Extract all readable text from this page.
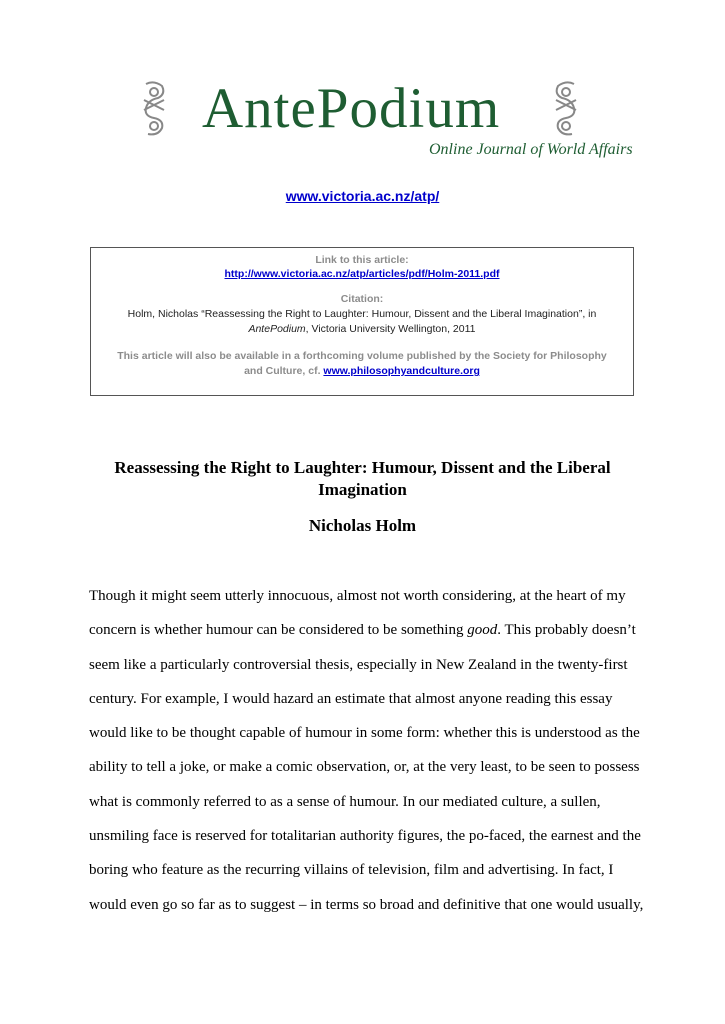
AntePodium
Online Journal of World Affairs
www.victoria.ac.nz/atp/
Link to this article:
http://www.victoria.ac.nz/atp/articles/pdf/Holm-2011.pdf
Citation:
Holm, Nicholas “Reassessing the Right to Laughter: Humour, Dissent and the Liberal Imagination”, in
AntePodium, Victoria University Wellington, 2011
This article will also be available in a forthcoming volume published by the Society for Philosophy
and Culture, cf. www.philosophyandculture.org
Reassessing the Right to Laughter: Humour, Dissent and the Liberal
Imagination
Nicholas Holm
Though it might seem utterly innocuous, almost not worth considering, at the heart of my
concern is whether humour can be considered to be something good. This probably doesn’t
seem like a particularly controversial thesis, especially in New Zealand in the twenty-first
century. For example, I would hazard an estimate that almost anyone reading this essay
would like to be thought capable of humour in some form: whether this is understood as the
ability to tell a joke, or make a comic observation, or, at the very least, to be seen to possess
what is commonly referred to as a sense of humour. In our mediated culture, a sullen,
unsmiling face is reserved for totalitarian authority figures, the po-faced, the earnest and the
boring who feature as the recurring villains of television, film and advertising. In fact, I
would even go so far as to suggest – in terms so broad and definitive that one would usually,
